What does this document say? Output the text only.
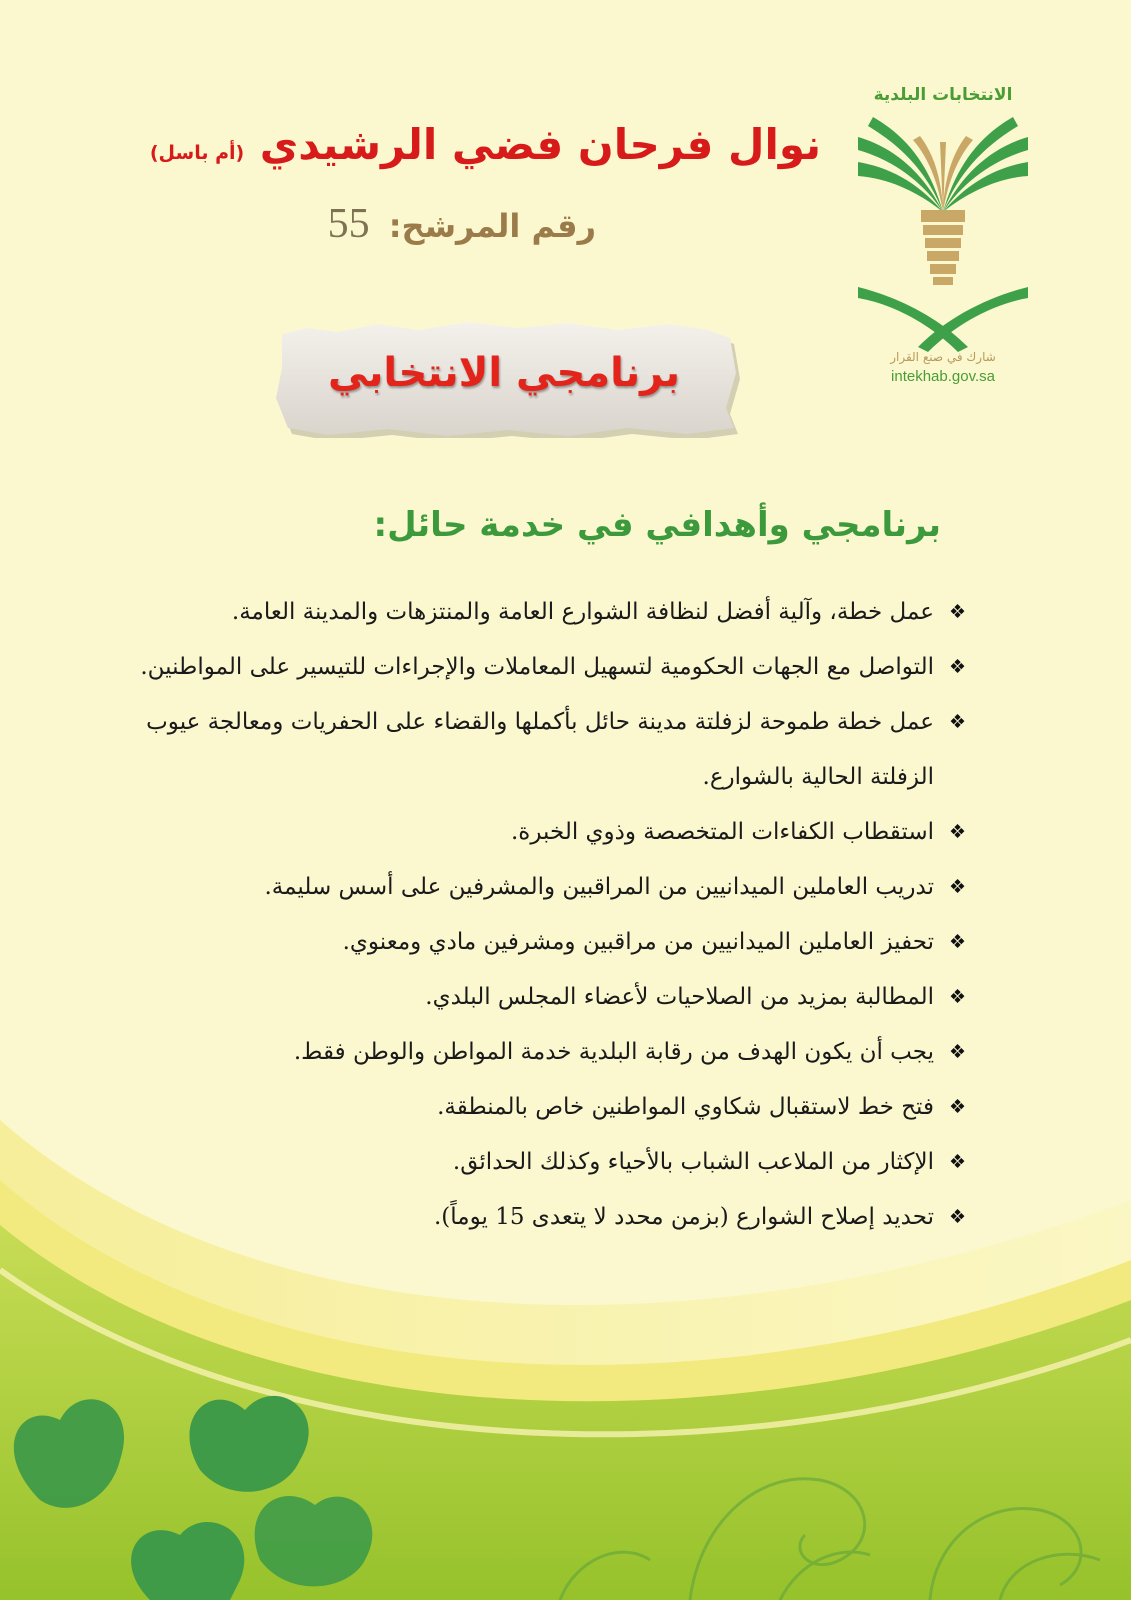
الانتخابات البلدية
شارك في صنع القرار
intekhab.gov.sa
نوال فرحان فضي الرشيدي (أم باسل)
رقم المرشح: 55
برنامجي الانتخابي
برنامجي وأهدافي في خدمة حائل:
❖
عمل خطة، وآلية أفضل لنظافة الشوارع العامة والمنتزهات والمدينة العامة.
❖
التواصل مع الجهات الحكومية لتسهيل المعاملات والإجراءات للتيسير على المواطنين.
❖
عمل خطة طموحة لزفلتة مدينة حائل بأكملها والقضاء على الحفريات ومعالجة عيوب الزفلتة الحالية بالشوارع.
❖
استقطاب الكفاءات المتخصصة وذوي الخبرة.
❖
تدريب العاملين الميدانيين من المراقبين والمشرفين على أسس سليمة.
❖
تحفيز العاملين الميدانيين من مراقبين ومشرفين مادي ومعنوي.
❖
المطالبة بمزيد من الصلاحيات لأعضاء المجلس البلدي.
❖
يجب أن يكون الهدف من رقابة البلدية خدمة المواطن والوطن فقط.
❖
فتح خط لاستقبال شكاوي المواطنين خاص بالمنطقة.
❖
الإكثار من الملاعب الشباب بالأحياء وكذلك الحدائق.
❖
تحديد إصلاح الشوارع (بزمن محدد لا يتعدى 15 يوماً).
